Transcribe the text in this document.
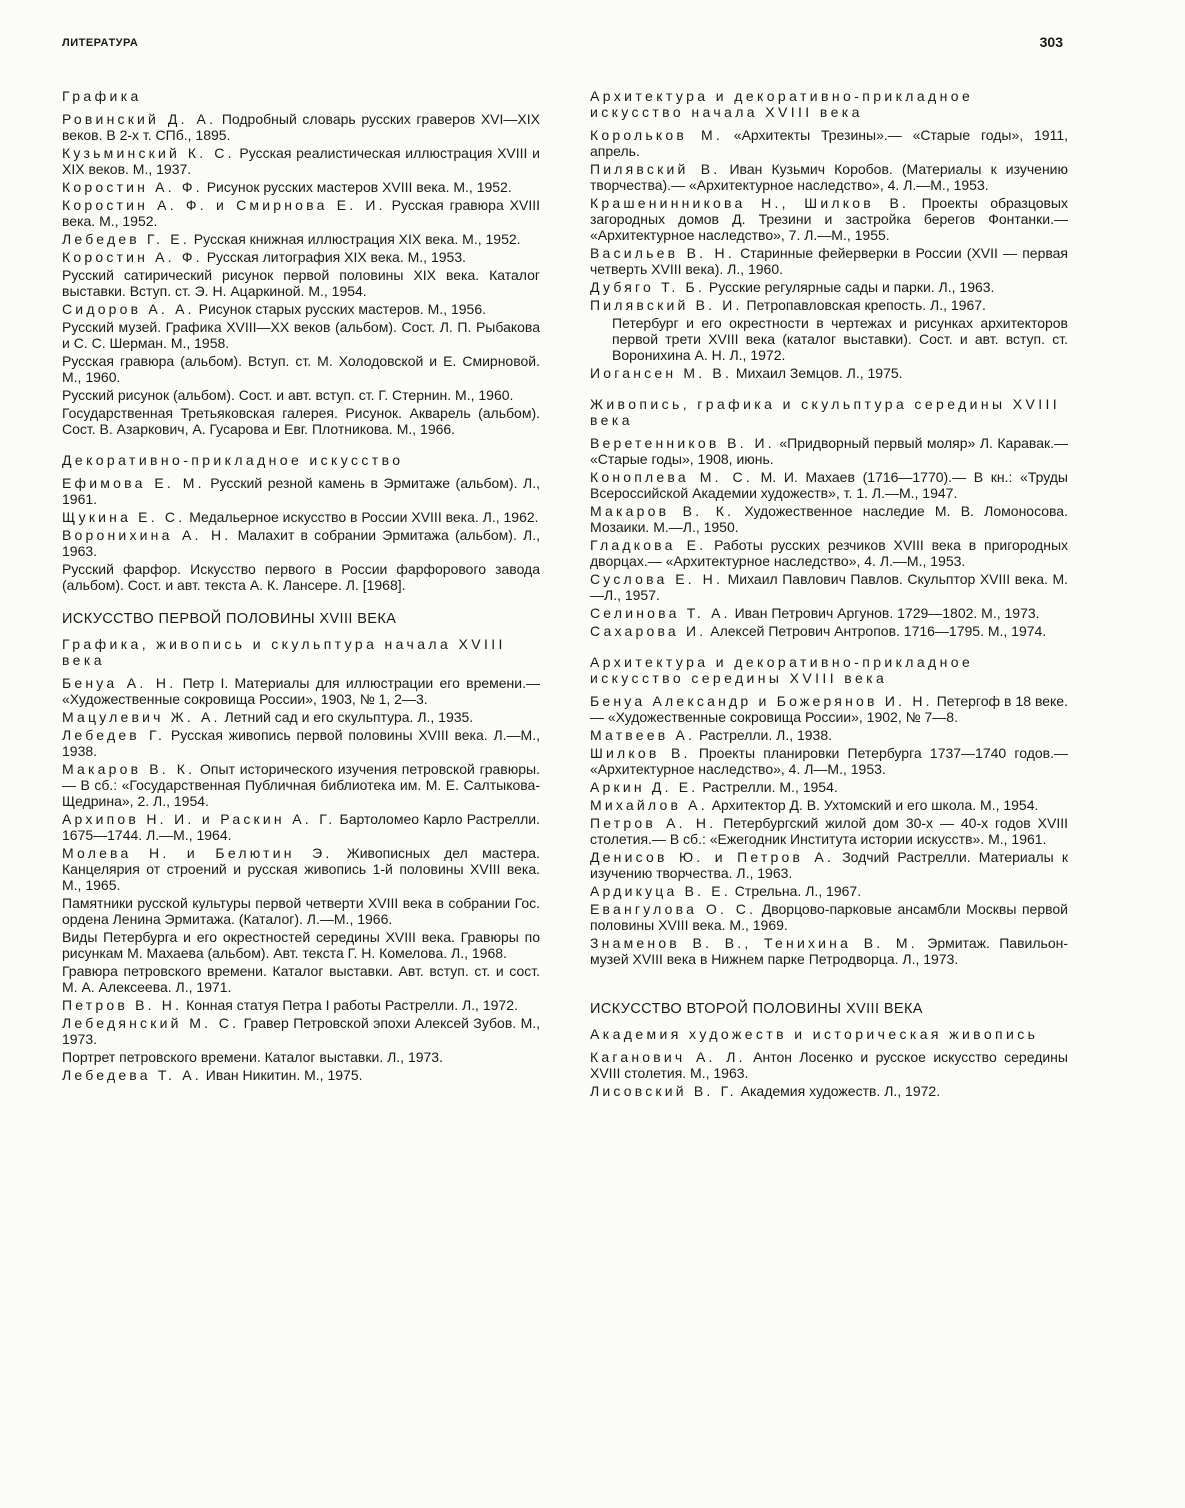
ЛИТЕРАТУРА	303
Графика
Ровинский Д. А. Подробный словарь русских граверов XVI—XIX веков. В 2-х т. СПб., 1895.
Кузьминский К. С. Русская реалистическая иллюстрация XVIII и XIX веков. М., 1937.
Коростин А. Ф. Рисунок русских мастеров XVIII века. М., 1952.
Коростин А. Ф. и Смирнова Е. И. Русская гравюра XVIII века. М., 1952.
Лебедев Г. Е. Русская книжная иллюстрация XIX века. М., 1952.
Коростин А. Ф. Русская литография XIX века. М., 1953.
Русский сатирический рисунок первой половины XIX века. Каталог выставки. Вступ. ст. Э. Н. Ацаркиной. М., 1954.
Сидоров А. А. Рисунок старых русских мастеров. М., 1956.
Русский музей. Графика XVIII—XX веков (альбом). Сост. Л. П. Рыбакова и С. С. Шерман. М., 1958.
Русская гравюра (альбом). Вступ. ст. М. Холодовской и Е. Смирновой. М., 1960.
Русский рисунок (альбом). Сост. и авт. вступ. ст. Г. Стернин. М., 1960.
Государственная Третьяковская галерея. Рисунок. Акварель (альбом). Сост. В. Азаркович, А. Гусарова и Евг. Плотникова. М., 1966.
Декоративно-прикладное искусство
Ефимова Е. М. Русский резной камень в Эрмитаже (альбом). Л., 1961.
Щукина Е. С. Медальерное искусство в России XVIII века. Л., 1962.
Воронихина А. Н. Малахит в собрании Эрмитажа (альбом). Л., 1963.
Русский фарфор. Искусство первого в России фарфорового завода (альбом). Сост. и авт. текста А. К. Лансере. Л. [1968].
ИСКУССТВО ПЕРВОЙ ПОЛОВИНЫ XVIII ВЕКА
Графика, живопись и скульптура начала XVIII века
Бенуа А. Н. Петр I. Материалы для иллюстрации его времени.— «Художественные сокровища России», 1903, № 1, 2—3.
Мацулевич Ж. А. Летний сад и его скульптура. Л., 1935.
Лебедев Г. Русская живопись первой половины XVIII века. Л.—М., 1938.
Макаров В. К. Опыт исторического изучения петровской гравюры.— В сб.: «Государственная Публичная библиотека им. М. Е. Салтыкова-Щедрина», 2. Л., 1954.
Архипов Н. И. и Раскин А. Г. Бартоломео Карло Растрелли. 1675—1744. Л.—М., 1964.
Молева Н. и Белютин Э. Живописных дел мастера. Канцелярия от строений и русская живопись 1-й половины XVIII века. М., 1965.
Памятники русской культуры первой четверти XVIII века в собрании Гос. ордена Ленина Эрмитажа. (Каталог). Л.—М., 1966.
Виды Петербурга и его окрестностей середины XVIII века. Гравюры по рисункам М. Махаева (альбом). Авт. текста Г. Н. Комелова. Л., 1968.
Гравюра петровского времени. Каталог выставки. Авт. вступ. ст. и сост. М. А. Алексеева. Л., 1971.
Петров В. Н. Конная статуя Петра I работы Растрелли. Л., 1972.
Лебедянский М. С. Гравер Петровской эпохи Алексей Зубов. М., 1973.
Портрет петровского времени. Каталог выставки. Л., 1973.
Лебедева Т. А. Иван Никитин. М., 1975.
Архитектура и декоративно-прикладное искусство начала XVIII века
Корольков М. «Архитекты Трезины».— «Старые годы», 1911, апрель.
Пилявский В. Иван Кузьмич Коробов. (Материалы к изучению творчества).— «Архитектурное наследство», 4. Л.—М., 1953.
Крашенинникова Н., Шилков В. Проекты образцовых загородных домов Д. Трезини и застройка берегов Фонтанки.— «Архитектурное наследство», 7. Л.—М., 1955.
Васильев В. Н. Старинные фейерверки в России (XVII — первая четверть XVIII века). Л., 1960.
Дубяго Т. Б. Русские регулярные сады и парки. Л., 1963.
Пилявский В. И. Петропавловская крепость. Л., 1967.
Петербург и его окрестности в чертежах и рисунках архитекторов первой трети XVIII века (каталог выставки). Сост. и авт. вступ. ст. Воронихина А. Н. Л., 1972.
Иогансен М. В. Михаил Земцов. Л., 1975.
Живопись, графика и скульптура середины XVIII века
Веретенников В. И. «Придворный первый моляр» Л. Каравак.— «Старые годы», 1908, июнь.
Коноплева М. С. М. И. Махаев (1716—1770).— В кн.: «Труды Всероссийской Академии художеств», т. 1. Л.—М., 1947.
Макаров В. К. Художественное наследие М. В. Ломоносова. Мозаики. М.—Л., 1950.
Гладкова Е. Работы русских резчиков XVIII века в пригородных дворцах.— «Архитектурное наследство», 4. Л.—М., 1953.
Суслова Е. Н. Михаил Павлович Павлов. Скульптор XVIII века. М.—Л., 1957.
Селинова Т. А. Иван Петрович Аргунов. 1729—1802. М., 1973.
Сахарова И. Алексей Петрович Антропов. 1716—1795. М., 1974.
Архитектура и декоративно-прикладное искусство середины XVIII века
Бенуа Александр и Божерянов И. Н. Петергоф в 18 веке.— «Художественные сокровища России», 1902, № 7—8.
Матвеев А. Растрелли. Л., 1938.
Шилков В. Проекты планировки Петербурга 1737—1740 годов.— «Архитектурное наследство», 4. Л—М., 1953.
Аркин Д. Е. Растрелли. М., 1954.
Михайлов А. Архитектор Д. В. Ухтомский и его школа. М., 1954.
Петров А. Н. Петербургский жилой дом 30-х — 40-х годов XVIII столетия.— В сб.: «Ежегодник Института истории искусств». М., 1961.
Денисов Ю. и Петров А. Зодчий Растрелли. Материалы к изучению творчества. Л., 1963.
Ардикуца В. Е. Стрельна. Л., 1967.
Евангулова О. С. Дворцово-парковые ансамбли Москвы первой половины XVIII века. М., 1969.
Знаменов В. В., Тенихина В. М. Эрмитаж. Павильон-музей XVIII века в Нижнем парке Петродворца. Л., 1973.
ИСКУССТВО ВТОРОЙ ПОЛОВИНЫ XVIII ВЕКА
Академия художеств и историческая живопись
Каганович А. Л. Антон Лосенко и русское искусство середины XVIII столетия. М., 1963.
Лисовский В. Г. Академия художеств. Л., 1972.
